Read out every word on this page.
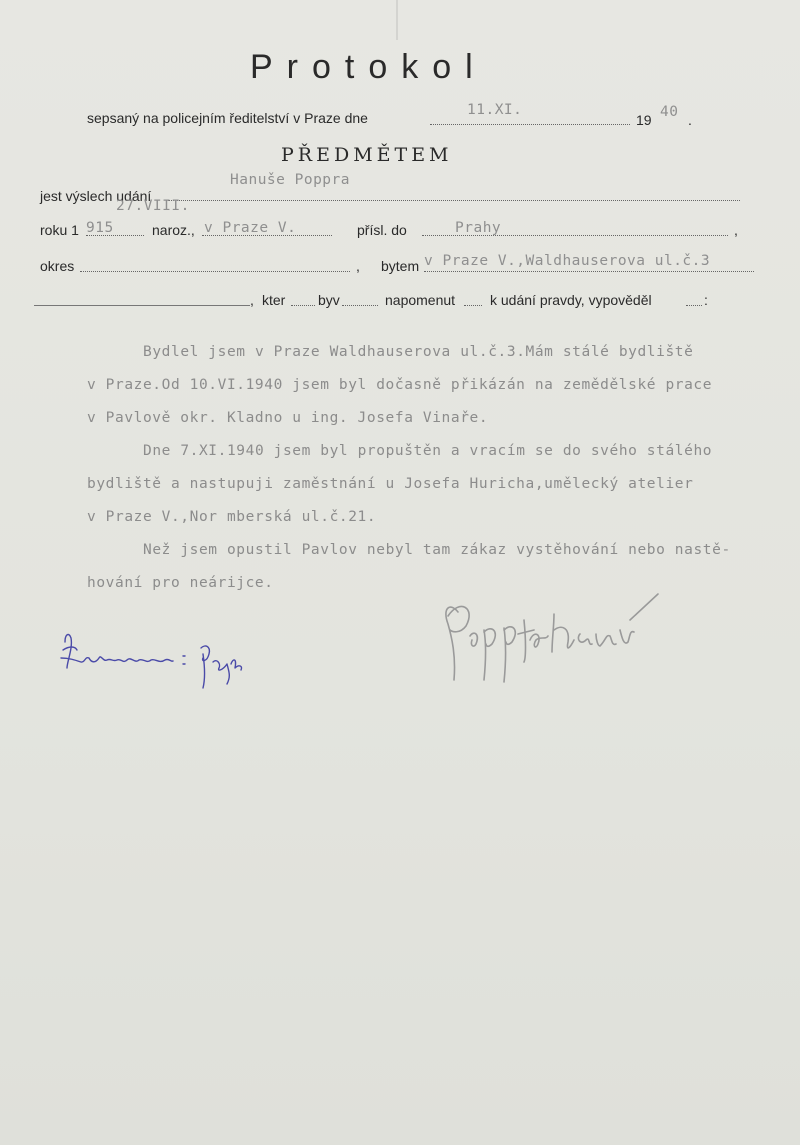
Protokol
sepsaný na policejním ředitelství v Praze dne	11.XI.
19 40 .
PŘEDMĚTEM
jest výslech udání
Hanuše Poppra
27.VIII.
roku 1 915	naroz., v Praze V.	přísl. do	Prahy	,
okres	, bytem v Praze V.,Waldhauserova ul.č.3
, kter byv	napomenut k udání pravdy, vypověděl	:
Bydlel jsem v Praze Waldhauserova ul.č.3.Mám stálé bydliště
v Praze.Od 10.VI.1940 jsem byl dočasně přikázán na zemědělské prace
v Pavlově okr. Kladno u ing. Josefa Vinaře.
Dne 7.XI.1940 jsem byl propuštěn a vracím se do svého stálého
bydliště a nastupuji zaměstnání u Josefa Huricha,umělecký atelier
v Praze V.,Nor mberská ul.č.21.
Než jsem opustil Pavlov nebyl tam zákaz vystěhování nebo nastě-
hování pro neárijce.
